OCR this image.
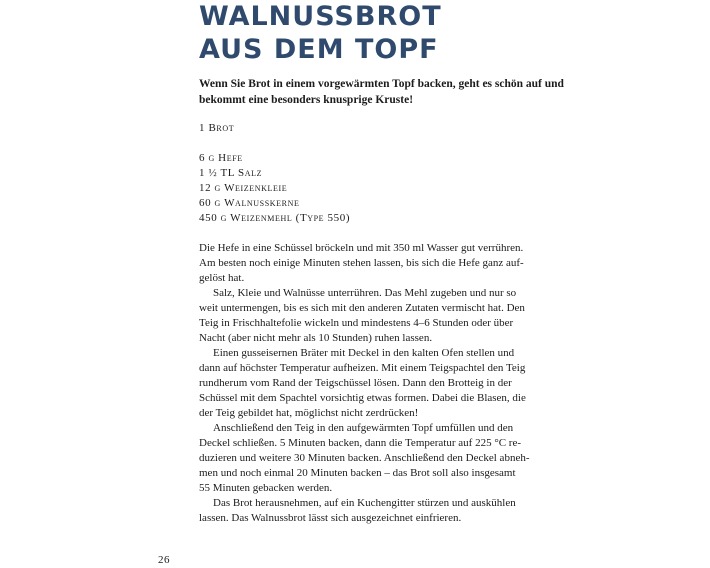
WALNUSSBROT
AUS DEM TOPF

Wenn Sie Brot in einem vorgewärmten Topf backen, geht es schön auf und
bekommt eine besonders knusprige Kruste!

1 Brot
6 g Hefe
1 ½ TL Salz
12 g Weizenkleie
60 g Walnusskerne
450 g Weizenmehl (Type 550)
Die Hefe in eine Schüssel bröckeln und mit 350 ml Wasser gut verrühren.
Am besten noch einige Minuten stehen lassen, bis sich die Hefe ganz auf-
gelöst hat.
Salz, Kleie und Walnüsse unterrühren. Das Mehl zugeben und nur so
weit untermengen, bis es sich mit den anderen Zutaten vermischt hat. Den
Teig in Frischhaltefolie wickeln und mindestens 4–6 Stunden oder über
Nacht (aber nicht mehr als 10 Stunden) ruhen lassen.
Einen gusseisernen Bräter mit Deckel in den kalten Ofen stellen und
dann auf höchster Temperatur aufheizen. Mit einem Teigspachtel den Teig
rundherum vom Rand der Teigschüssel lösen. Dann den Brotteig in der
Schüssel mit dem Spachtel vorsichtig etwas formen. Dabei die Blasen, die
der Teig gebildet hat, möglichst nicht zerdrücken!
Anschließend den Teig in den aufgewärmten Topf umfüllen und den
Deckel schließen. 5 Minuten backen, dann die Temperatur auf 225 °C re-
duzieren und weitere 30 Minuten backen. Anschließend den Deckel abneh-
men und noch einmal 20 Minuten backen – das Brot soll also insgesamt
55 Minuten gebacken werden.
Das Brot herausnehmen, auf ein Kuchengitter stürzen und auskühlen
lassen. Das Walnussbrot lässt sich ausgezeichnet einfrieren.
26
